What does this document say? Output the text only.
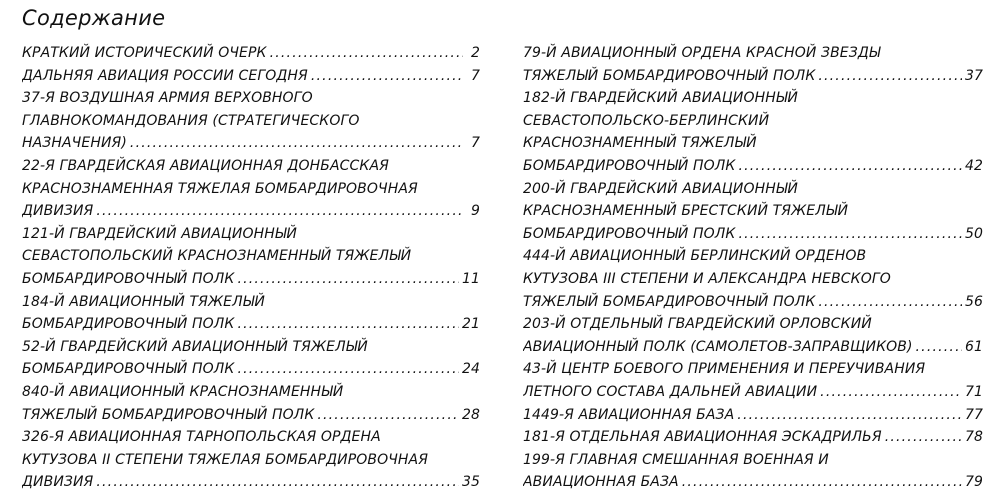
Содержание
КРАТКИЙ ИСТОРИЧЕСКИЙ ОЧЕРК .....	2
ДАЛЬНЯЯ АВИАЦИЯ РОССИИ СЕГОДНЯ .....	7
37-Я ВОЗДУШНАЯ АРМИЯ ВЕРХОВНОГО
ГЛАВНОКОМАНДОВАНИЯ (СТРАТЕГИЧЕСКОГО
НАЗНАЧЕНИЯ) .....	7
22-Я ГВАРДЕЙСКАЯ АВИАЦИОННАЯ ДОНБАССКАЯ
КРАСНОЗНАМЕННАЯ ТЯЖЕЛАЯ БОМБАРДИРОВОЧНАЯ
ДИВИЗИЯ .....	9
121-Й ГВАРДЕЙСКИЙ АВИАЦИОННЫЙ
СЕВАСТОПОЛЬСКИЙ КРАСНОЗНАМЕННЫЙ ТЯЖЕЛЫЙ
БОМБАРДИРОВОЧНЫЙ ПОЛК .....	11
184-Й АВИАЦИОННЫЙ ТЯЖЕЛЫЙ
БОМБАРДИРОВОЧНЫЙ ПОЛК .....	21
52-Й ГВАРДЕЙСКИЙ АВИАЦИОННЫЙ ТЯЖЕЛЫЙ
БОМБАРДИРОВОЧНЫЙ ПОЛК .....	24
840-Й АВИАЦИОННЫЙ КРАСНОЗНАМЕННЫЙ
ТЯЖЕЛЫЙ БОМБАРДИРОВОЧНЫЙ ПОЛК .....	28
326-Я АВИАЦИОННАЯ ТАРНОПОЛЬСКАЯ ОРДЕНА
КУТУЗОВА II СТЕПЕНИ ТЯЖЕЛАЯ БОМБАРДИРОВОЧНАЯ
ДИВИЗИЯ .....	35
79-Й АВИАЦИОННЫЙ ОРДЕНА КРАСНОЙ ЗВЕЗДЫ
ТЯЖЕЛЫЙ БОМБАРДИРОВОЧНЫЙ ПОЛК .....	37
182-Й ГВАРДЕЙСКИЙ АВИАЦИОННЫЙ
СЕВАСТОПОЛЬСКО-БЕРЛИНСКИЙ
КРАСНОЗНАМЕННЫЙ ТЯЖЕЛЫЙ
БОМБАРДИРОВОЧНЫЙ ПОЛК .....	42
200-Й ГВАРДЕЙСКИЙ АВИАЦИОННЫЙ
КРАСНОЗНАМЕННЫЙ БРЕСТСКИЙ ТЯЖЕЛЫЙ
БОМБАРДИРОВОЧНЫЙ ПОЛК .....	50
444-Й АВИАЦИОННЫЙ БЕРЛИНСКИЙ ОРДЕНОВ
КУТУЗОВА III СТЕПЕНИ И АЛЕКСАНДРА НЕВСКОГО
ТЯЖЕЛЫЙ БОМБАРДИРОВОЧНЫЙ ПОЛК .....	56
203-Й ОТДЕЛЬНЫЙ ГВАРДЕЙСКИЙ ОРЛОВСКИЙ
АВИАЦИОННЫЙ ПОЛК (САМОЛЕТОВ-ЗАПРАВЩИКОВ) .....	61
43-Й ЦЕНТР БОЕВОГО ПРИМЕНЕНИЯ И ПЕРЕУЧИВАНИЯ
ЛЕТНОГО СОСТАВА ДАЛЬНЕЙ АВИАЦИИ .....	71
1449-Я АВИАЦИОННАЯ БАЗА .....	77
181-Я ОТДЕЛЬНАЯ АВИАЦИОННАЯ ЭСКАДРИЛЬЯ .....	78
199-Я ГЛАВНАЯ СМЕШАННАЯ ВОЕННАЯ И
АВИАЦИОННАЯ БАЗА .....	79
